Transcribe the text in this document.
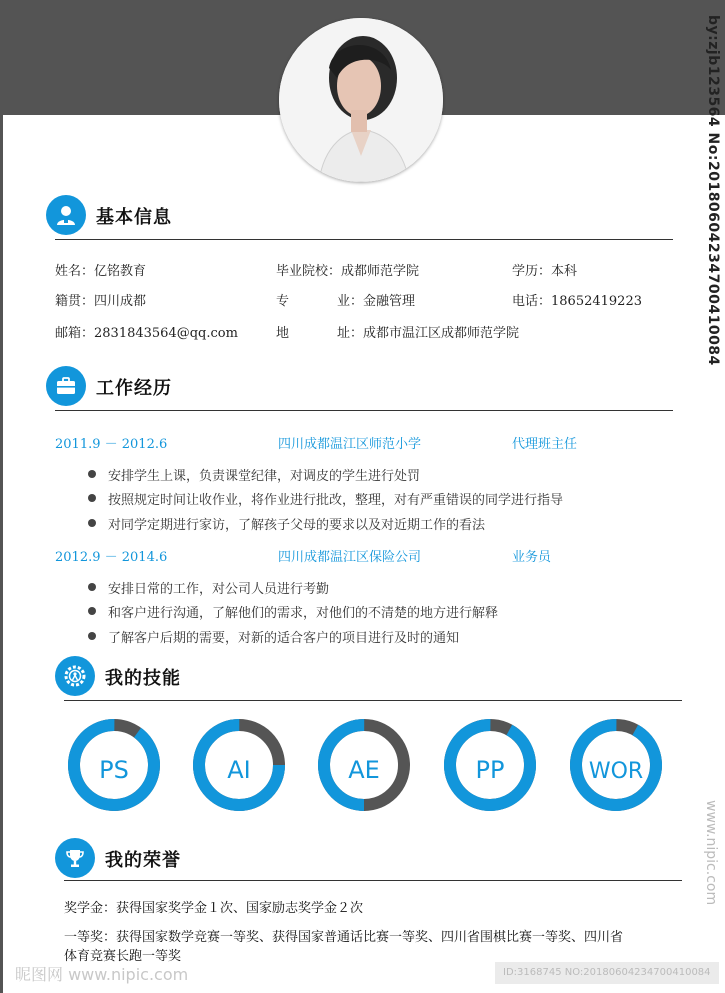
基本信息
姓名：亿铭教育	毕业院校：成都师范学院	学历：本科
籍贯：四川成都	专	业：金融管理	电话：18652419223
邮箱：2831843564@qq.com	地	址：成都市温江区成都师范学院
工作经历
2011.9 － 2012.6	四川成都温江区师范小学	代理班主任
安排学生上课，负责课堂纪律，对调皮的学生进行处罚
按照规定时间让收作业，将作业进行批改，整理，对有严重错误的同学进行指导
对同学定期进行家访，了解孩子父母的要求以及对近期工作的看法
2012.9 － 2014.6	四川成都温江区保险公司	业务员
安排日常的工作，对公司人员进行考勤
和客户进行沟通，了解他们的需求，对他们的不清楚的地方进行解释
了解客户后期的需要，对新的适合客户的项目进行及时的通知
我的技能
PS	AI	AE	PP	WOR
我的荣誉
奖学金：获得国家奖学金１次、国家励志奖学金２次
一等奖：获得国家数学竞赛一等奖、获得国家普通话比赛一等奖、四川省围棋比赛一等奖、四川省
体育竞赛长跑一等奖
by:zjb123564 No:20180604234700410084
www.nipic.com
昵图网 www.nipic.com	ID:3168745 NO:20180604234700410084
